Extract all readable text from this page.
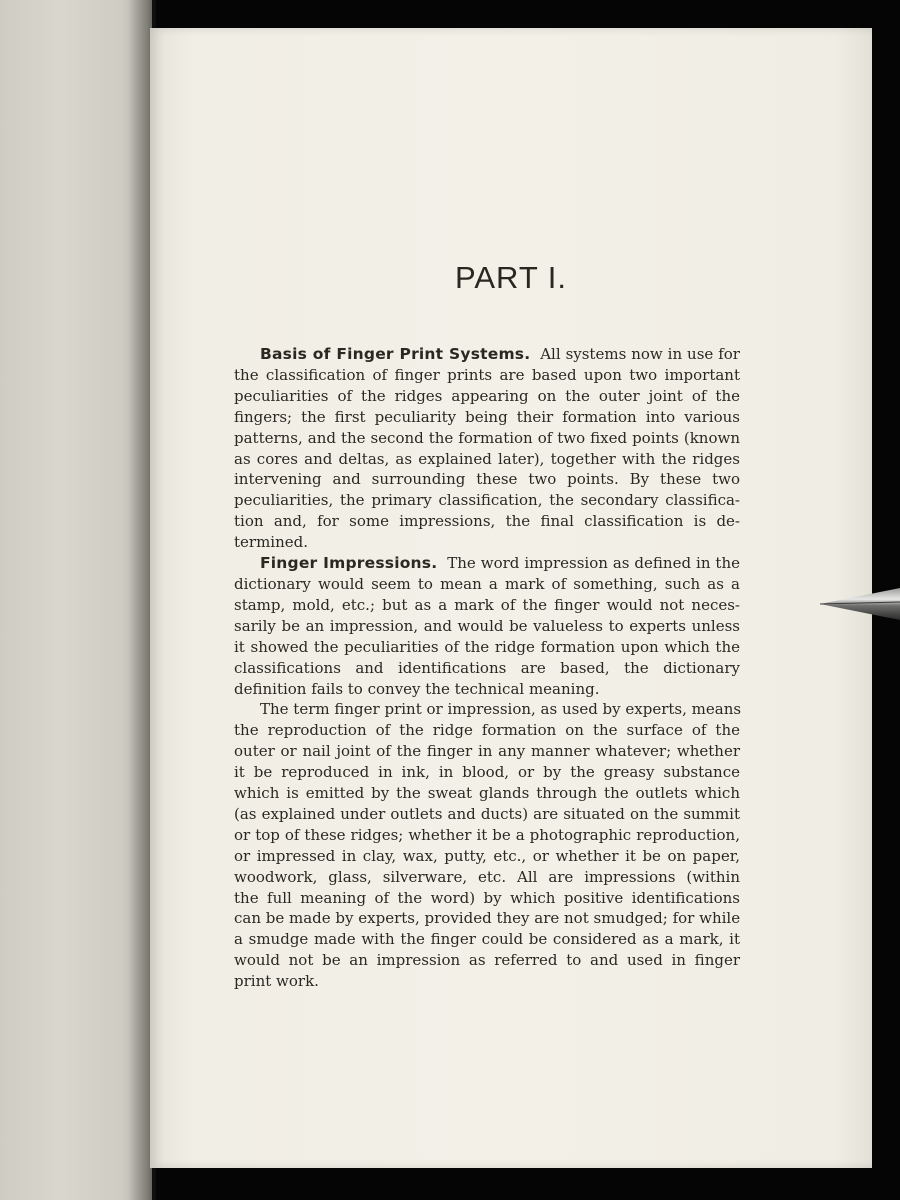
PART I.
Basis of Finger Print Systems. All systems now in use for
the classification of finger prints are based upon two important
peculiarities of the ridges appearing on the outer joint of the
fingers; the first peculiarity being their formation into various
patterns, and the second the formation of two fixed points (known
as cores and deltas, as explained later), together with the ridges
intervening and surrounding these two points. By these two
peculiarities, the primary classification, the secondary classifica-
tion and, for some impressions, the final classification is de-
termined.
Finger Impressions. The word impression as defined in the
dictionary would seem to mean a mark of something, such as a
stamp, mold, etc.; but as a mark of the finger would not neces-
sarily be an impression, and would be valueless to experts unless
it showed the peculiarities of the ridge formation upon which the
classifications and identifications are based, the dictionary
definition fails to convey the technical meaning.
The term finger print or impression, as used by experts, means
the reproduction of the ridge formation on the surface of the
outer or nail joint of the finger in any manner whatever; whether
it be reproduced in ink, in blood, or by the greasy substance
which is emitted by the sweat glands through the outlets which
(as explained under outlets and ducts) are situated on the summit
or top of these ridges; whether it be a photographic reproduction,
or impressed in clay, wax, putty, etc., or whether it be on paper,
woodwork, glass, silverware, etc. All are impressions (within
the full meaning of the word) by which positive identifications
can be made by experts, provided they are not smudged; for while
a smudge made with the finger could be considered as a mark, it
would not be an impression as referred to and used in finger
print work.
